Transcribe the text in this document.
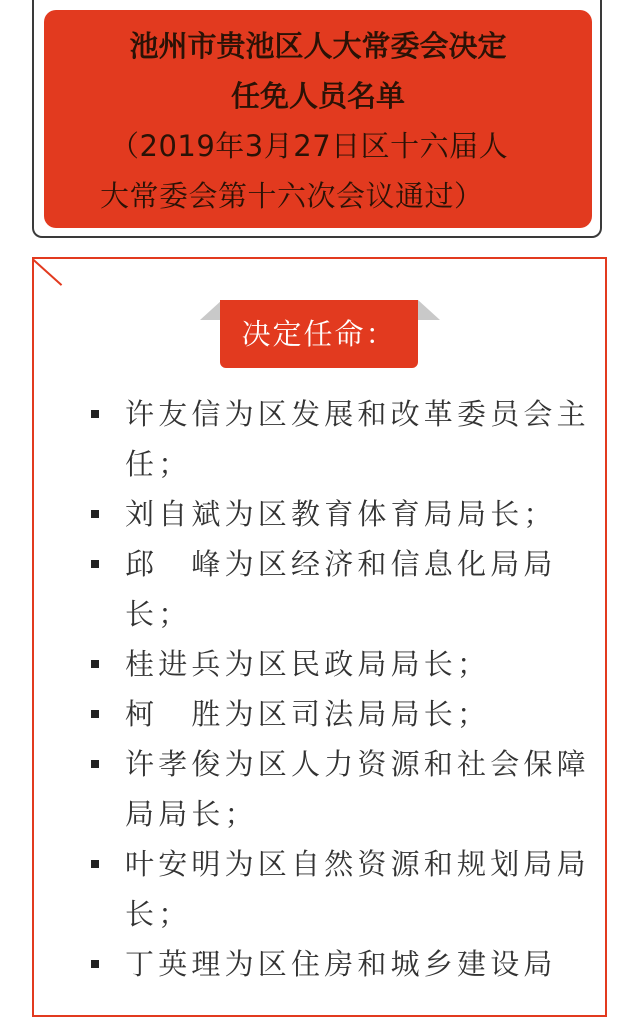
池州市贵池区人大常委会决定
任免人员名单
（2019年3月27日区十六届人
大常委会第十六次会议通过）
决定任命：
许友信为区发展和改革委员会主任；
刘自斌为区教育体育局局长；
邱　峰为区经济和信息化局局长；
桂进兵为区民政局局长；
柯　胜为区司法局局长；
许孝俊为区人力资源和社会保障局局长；
叶安明为区自然资源和规划局局长；
丁英理为区住房和城乡建设局
